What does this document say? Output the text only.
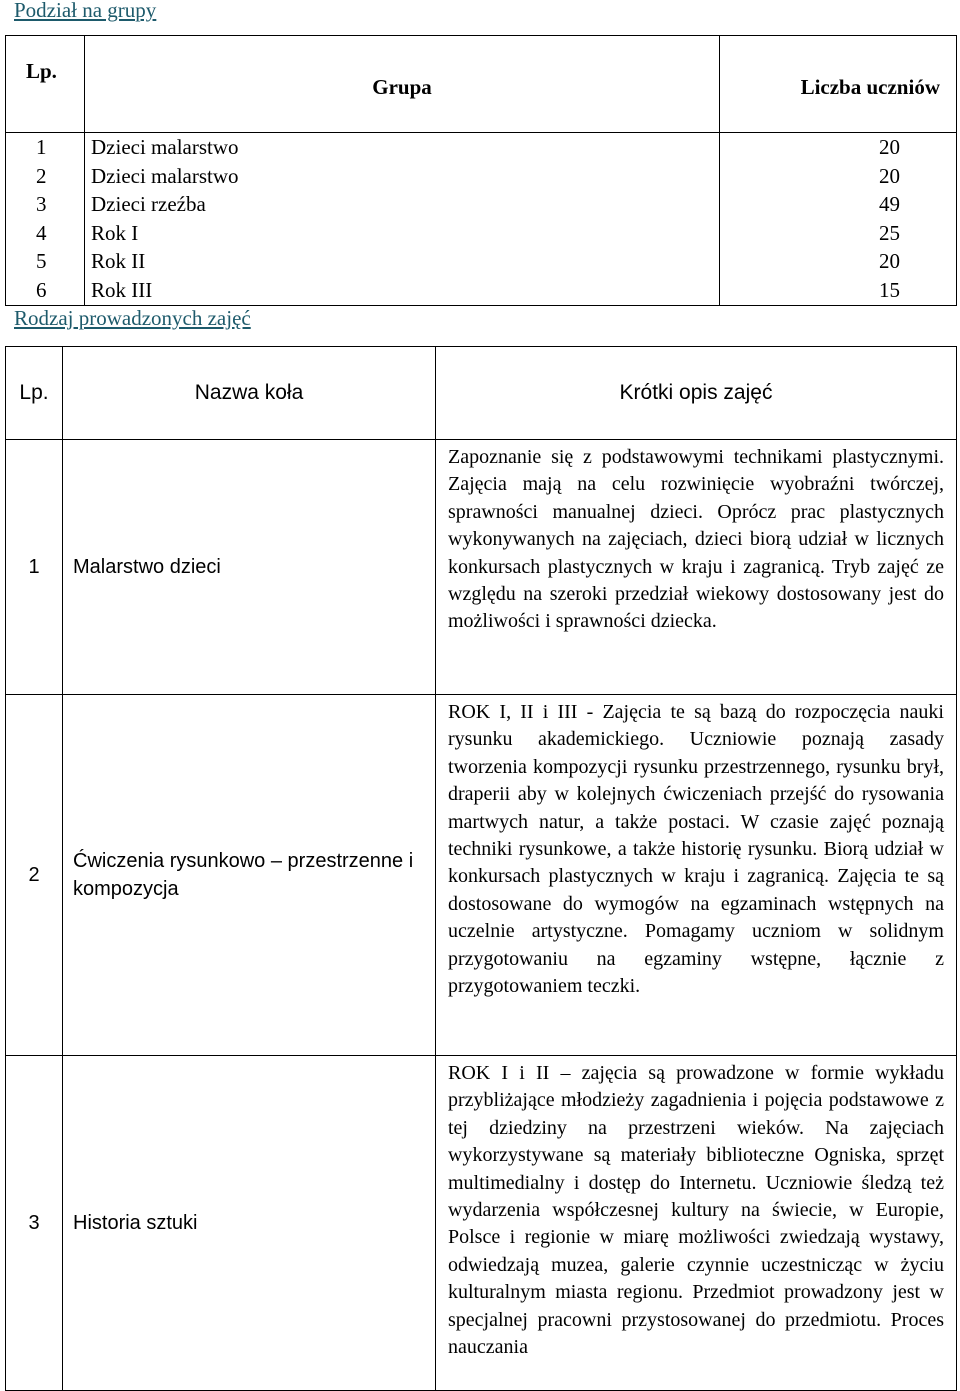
Podział na grupy
Lp.	Grupa	Liczba uczniów
1	Dzieci malarstwo	20
2	Dzieci malarstwo	20
3	Dzieci rzeźba	49
4	Rok I	25
5	Rok II	20
6	Rok III	15
Rodzaj prowadzonych zajęć
Lp.	Nazwa koła	Krótki opis zajęć
1	Malarstwo dzieci	Zapoznanie się z podstawowymi technikami plastycznymi. Zajęcia mają na celu rozwinięcie wyobraźni twórczej, sprawności manualnej dzieci. Oprócz prac plastycznych wykonywanych na zajęciach, dzieci biorą udział w licznych konkursach plastycznych w kraju i zagranicą. Tryb zajęć ze względu na szeroki przedział wiekowy dostosowany jest do możliwości i sprawności dziecka.
2	Ćwiczenia rysunkowo – przestrzenne i kompozycja	ROK I, II i III - Zajęcia te są bazą do rozpoczęcia nauki rysunku akademickiego. Uczniowie poznają zasady tworzenia kompozycji rysunku przestrzennego, rysunku brył, draperii aby w kolejnych ćwiczeniach przejść do rysowania martwych natur, a także postaci. W czasie zajęć poznają techniki rysunkowe, a także historię rysunku. Biorą udział w konkursach plastycznych w kraju i zagranicą. Zajęcia te są dostosowane do wymogów na egzaminach wstępnych na uczelnie artystyczne. Pomagamy uczniom w solidnym przygotowaniu na egzaminy wstępne, łącznie z przygotowaniem teczki.
3	Historia sztuki	ROK I i II – zajęcia są prowadzone w formie wykładu przybliżające młodzieży zagadnienia i pojęcia podstawowe z tej dziedziny na przestrzeni wieków. Na zajęciach wykorzystywane są materiały biblioteczne Ogniska, sprzęt multimedialny i dostęp do Internetu. Uczniowie śledzą też wydarzenia współczesnej kultury na świecie, w Europie, Polsce i regionie w miarę możliwości zwiedzają wystawy, odwiedzają muzea, galerie czynnie uczestnicząc w życiu kulturalnym miasta regionu. Przedmiot prowadzony jest w specjalnej pracowni przystosowanej do przedmiotu. Proces nauczania
